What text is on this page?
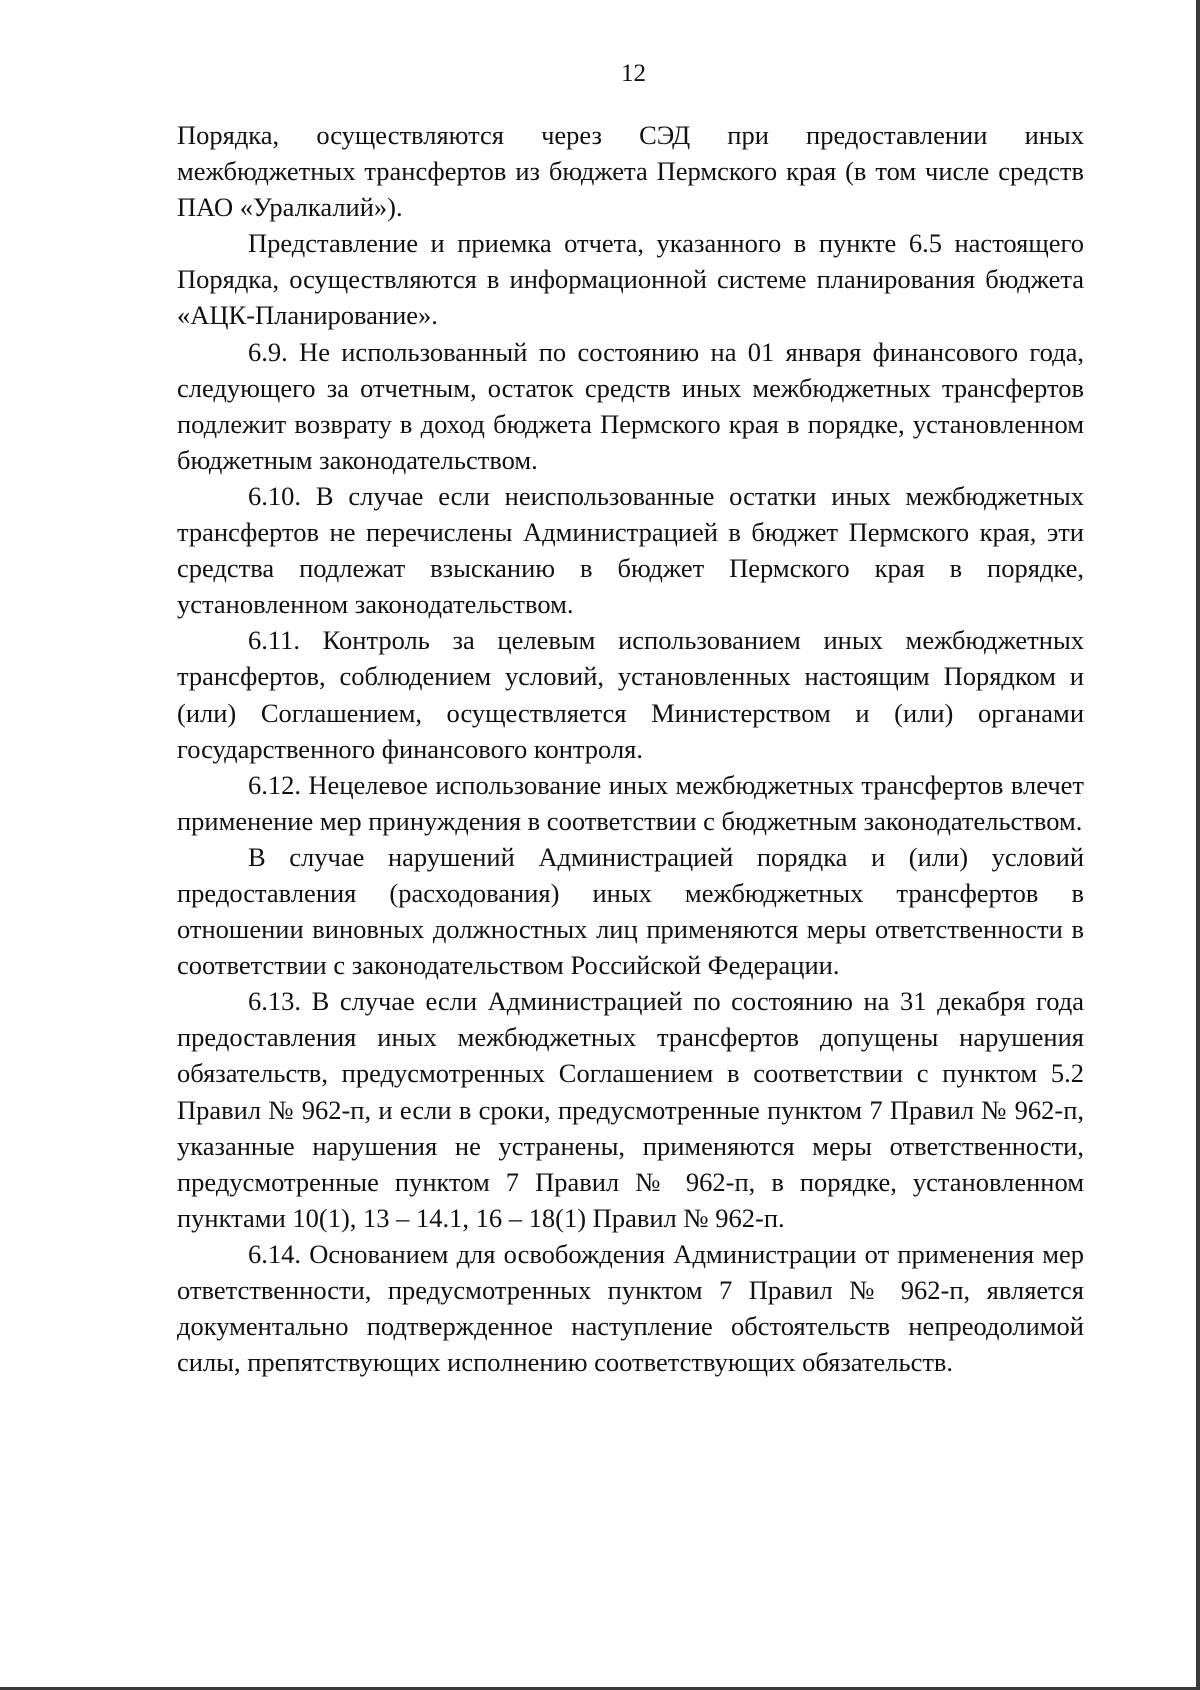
12

Порядка, осуществляются через СЭД при предоставлении иных межбюджетных трансфертов из бюджета Пермского края (в том числе средств ПАО «Уралкалий»).

Представление и приемка отчета, указанного в пункте 6.5 настоящего Порядка, осуществляются в информационной системе планирования бюджета «АЦК-Планирование».

6.9. Не использованный по состоянию на 01 января финансового года, следующего за отчетным, остаток средств иных межбюджетных трансфертов подлежит возврату в доход бюджета Пермского края в порядке, установленном бюджетным законодательством.

6.10. В случае если неиспользованные остатки иных межбюджетных трансфертов не перечислены Администрацией в бюджет Пермского края, эти средства подлежат взысканию в бюджет Пермского края в порядке, установленном законодательством.

6.11. Контроль за целевым использованием иных межбюджетных трансфертов, соблюдением условий, установленных настоящим Порядком и (или) Соглашением, осуществляется Министерством и (или) органами государственного финансового контроля.

6.12. Нецелевое использование иных межбюджетных трансфертов влечет применение мер принуждения в соответствии с бюджетным законодательством.

В случае нарушений Администрацией порядка и (или) условий предоставления (расходования) иных межбюджетных трансфертов в отношении виновных должностных лиц применяются меры ответственности в соответствии с законодательством Российской Федерации.

6.13. В случае если Администрацией по состоянию на 31 декабря года предоставления иных межбюджетных трансфертов допущены нарушения обязательств, предусмотренных Соглашением в соответствии с пунктом 5.2 Правил № 962-п, и если в сроки, предусмотренные пунктом 7 Правил № 962-п, указанные нарушения не устранены, применяются меры ответственности, предусмотренные пунктом 7 Правил № 962-п, в порядке, установленном пунктами 10(1), 13 – 14.1, 16 – 18(1) Правил № 962-п.

6.14. Основанием для освобождения Администрации от применения мер ответственности, предусмотренных пунктом 7 Правил № 962-п, является документально подтвержденное наступление обстоятельств непреодолимой силы, препятствующих исполнению соответствующих обязательств.
